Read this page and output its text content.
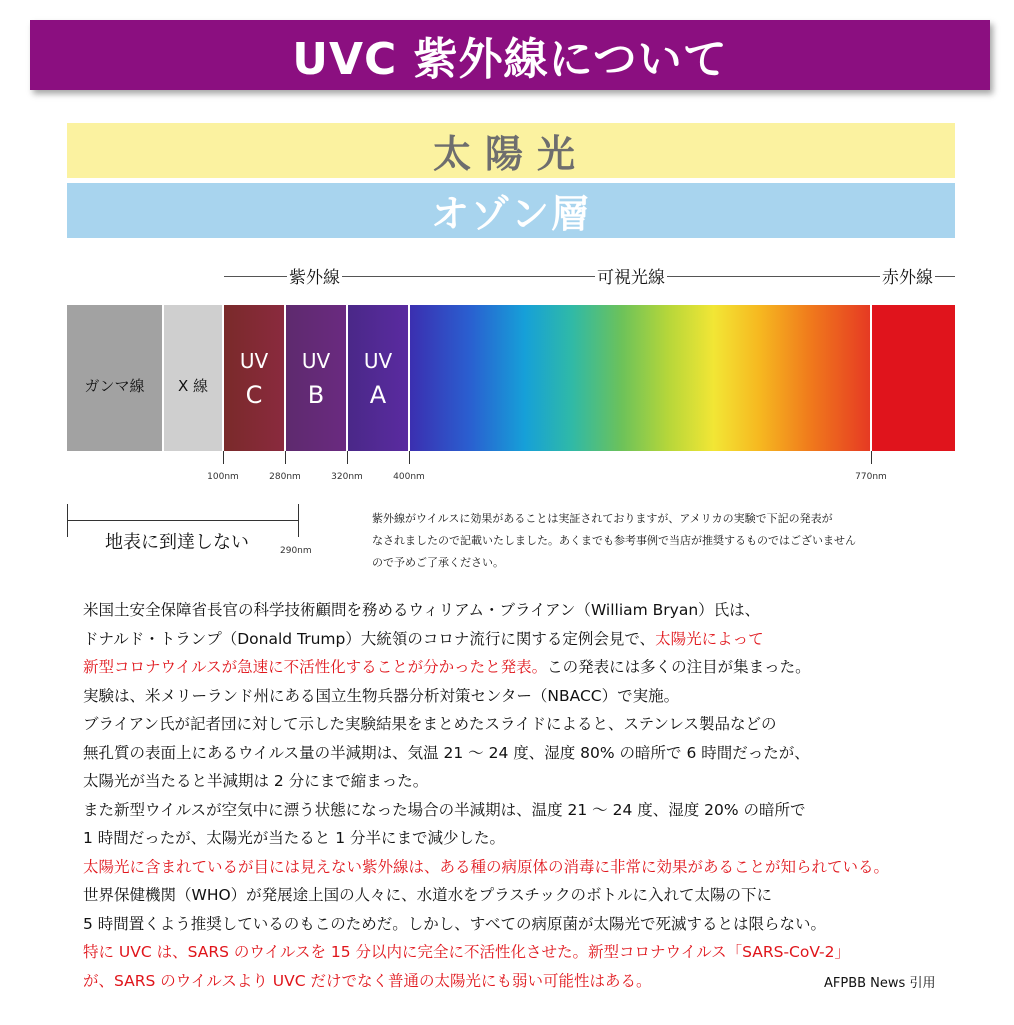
UVC 紫外線について
太陽光
オゾン層
紫外線	可視光線	赤外線
ガンマ線	X 線
UV
C
UV
B
UV
A
100nm	280nm	320nm	400nm	770nm
地表に到達しない	290nm

紫外線がウイルスに効果があることは実証されておりますが、アメリカの実験で下記の発表が

なされましたので記載いたしました。あくまでも参考事例で当店が推奨するものではございません

ので予めご了承ください。

米国土安全保障省長官の科学技術顧問を務めるウィリアム・ブライアン（William Bryan）氏は、

ドナルド・トランプ（Donald Trump）大統領のコロナ流行に関する定例会見で、太陽光によって

新型コロナウイルスが急速に不活性化することが分かったと発表。この発表には多くの注目が集まった。

実験は、米メリーランド州にある国立生物兵器分析対策センター（NBACC）で実施。

ブライアン氏が記者団に対して示した実験結果をまとめたスライドによると、ステンレス製品などの

無孔質の表面上にあるウイルス量の半減期は、気温 21 ～ 24 度、湿度 80% の暗所で 6 時間だったが、

太陽光が当たると半減期は 2 分にまで縮まった。

また新型ウイルスが空気中に漂う状態になった場合の半減期は、温度 21 ～ 24 度、湿度 20% の暗所で

1 時間だったが、太陽光が当たると 1 分半にまで減少した。

太陽光に含まれているが目には見えない紫外線は、ある種の病原体の消毒に非常に効果があることが知られている。

世界保健機関（WHO）が発展途上国の人々に、水道水をプラスチックのボトルに入れて太陽の下に

5 時間置くよう推奨しているのもこのためだ。しかし、すべての病原菌が太陽光で死滅するとは限らない。

特に UVC は、SARS のウイルスを 15 分以内に完全に不活性化させた。新型コロナウイルス「SARS-CoV-2」

が、SARS のウイルスより UVC だけでなく普通の太陽光にも弱い可能性はある。	AFPBB News 引用
